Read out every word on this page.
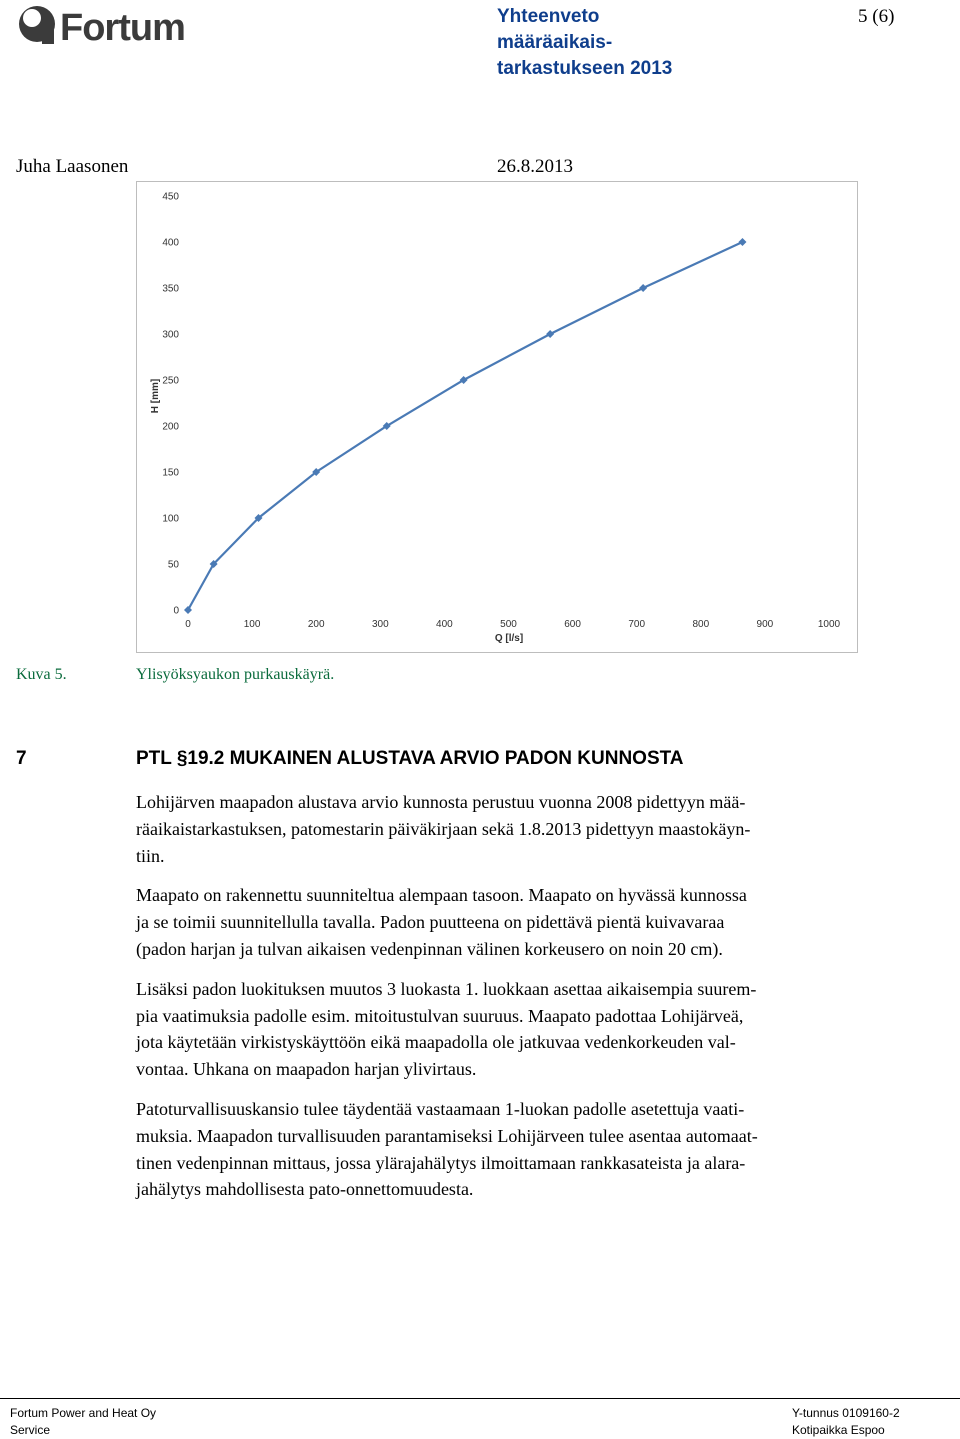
Fortum	Yhteenveto
määräaikais-
tarkastukseen 2013
5 (6)
Juha Laasonen	26.8.2013
0
50
100
150
200
250
300
350
400
450
0	100	200	300	400	500	600	700	800	900	1000
Q [l/s]
H [mm]
Kuva 5.	Ylisyöksyaukon purkauskäyrä.
7	PTL §19.2 MUKAINEN ALUSTAVA ARVIO PADON KUNNOSTA

Lohijärven maapadon alustava arvio kunnosta perustuu vuonna 2008 pidettyyn mää-
räaikaistarkastuksen, patomestarin päiväkirjaan sekä 1.8.2013 pidettyyn maastokäyn-
tiin.

Maapato on rakennettu suunniteltua alempaan tasoon. Maapato on hyvässä kunnossa
ja se toimii suunnitellulla tavalla. Padon puutteena on pidettävä pientä kuivavaraa
(padon harjan ja tulvan aikaisen vedenpinnan välinen korkeusero on noin 20 cm).

Lisäksi padon luokituksen muutos 3 luokasta 1. luokkaan asettaa aikaisempia suurem-
pia vaatimuksia padolle esim. mitoitustulvan suuruus. Maapato padottaa Lohijärveä,
jota käytetään virkistyskäyttöön eikä maapadolla ole jatkuvaa vedenkorkeuden val-
vontaa. Uhkana on maapadon harjan ylivirtaus.

Patoturvallisuuskansio tulee täydentää vastaamaan 1-luokan padolle asetettuja vaati-
muksia. Maapadon turvallisuuden parantamiseksi Lohijärveen tulee asentaa automaat-
tinen vedenpinnan mittaus, jossa ylärajahälytys ilmoittamaan rankkasateista ja alara-
jahälytys mahdollisesta pato-onnettomuudesta.

Fortum Power and Heat Oy
Service
Y-tunnus 0109160-2
Kotipaikka Espoo
